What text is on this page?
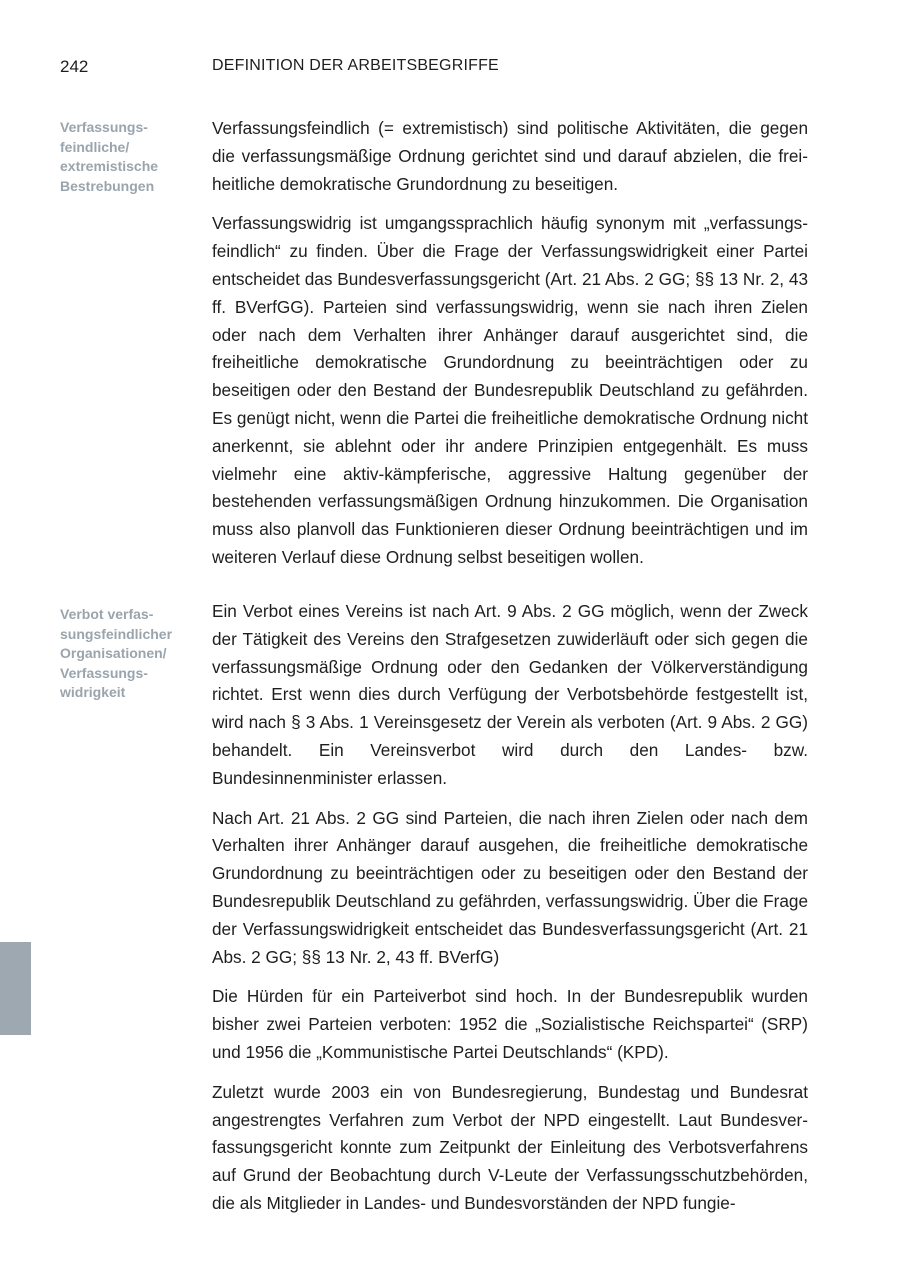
242	DEFINITION DER ARBEITSBEGRIFFE
Verfassungs-
feindliche/
extremistische
Bestrebungen

Verfassungsfeindlich (= extremistisch) sind politische Aktivitäten, die gegen die verfassungsmäßige Ordnung gerichtet sind und darauf abzielen, die freiheitliche demokratische Grundordnung zu beseitigen.

Verfassungswidrig ist umgangssprachlich häufig synonym mit „verfassungsfeindlich“ zu finden. Über die Frage der Verfassungswidrigkeit einer Partei entscheidet das Bundesverfassungsgericht (Art. 21 Abs. 2 GG; §§ 13 Nr. 2, 43 ff. BVerfGG). Parteien sind verfassungswidrig, wenn sie nach ihren Zielen oder nach dem Verhalten ihrer Anhänger darauf ausgerichtet sind, die freiheitliche demokratische Grundordnung zu beeinträchtigen oder zu beseitigen oder den Bestand der Bundesrepublik Deutschland zu gefährden. Es genügt nicht, wenn die Partei die freiheitliche demokratische Ordnung nicht anerkennt, sie ablehnt oder ihr andere Prinzipien entgegenhält. Es muss vielmehr eine aktiv-kämpferische, aggressive Haltung gegenüber der bestehenden verfassungsmäßigen Ordnung hinzukommen. Die Organisation muss also planvoll das Funktionieren dieser Ordnung beeinträchtigen und im weiteren Verlauf diese Ordnung selbst beseitigen wollen.

Verbot verfas-
sungsfeindlicher
Organisationen/
Verfassungs-
widrigkeit

Ein Verbot eines Vereins ist nach Art. 9 Abs. 2 GG möglich, wenn der Zweck der Tätigkeit des Vereins den Strafgesetzen zuwiderläuft oder sich gegen die verfassungsmäßige Ordnung oder den Gedanken der Völkerverständigung richtet. Erst wenn dies durch Verfügung der Verbotsbehörde festgestellt ist, wird nach § 3 Abs. 1 Vereinsgesetz der Verein als verboten (Art. 9 Abs. 2 GG) behandelt. Ein Vereinsverbot wird durch den Landes- bzw. Bundesinnenminister erlassen.

Nach Art. 21 Abs. 2 GG sind Parteien, die nach ihren Zielen oder nach dem Verhalten ihrer Anhänger darauf ausgehen, die freiheitliche demokratische Grundordnung zu beeinträchtigen oder zu beseitigen oder den Bestand der Bundesrepublik Deutschland zu gefährden, verfassungswidrig. Über die Frage der Verfassungswidrigkeit entscheidet das Bundesverfassungsgericht (Art. 21 Abs. 2 GG; §§ 13 Nr. 2, 43 ff. BVerfG)

Die Hürden für ein Parteiverbot sind hoch. In der Bundesrepublik wurden bisher zwei Parteien verboten: 1952 die „Sozialistische Reichspartei“ (SRP) und 1956 die „Kommunistische Partei Deutschlands“ (KPD).

Zuletzt wurde 2003 ein von Bundesregierung, Bundestag und Bundesrat angestrengtes Verfahren zum Verbot der NPD eingestellt. Laut Bundesverfassungsgericht konnte zum Zeitpunkt der Einleitung des Verbotsverfahrens auf Grund der Beobachtung durch V-Leute der Verfassungsschutzbehörden, die als Mitglieder in Landes- und Bundesvorständen der NPD fungie-
